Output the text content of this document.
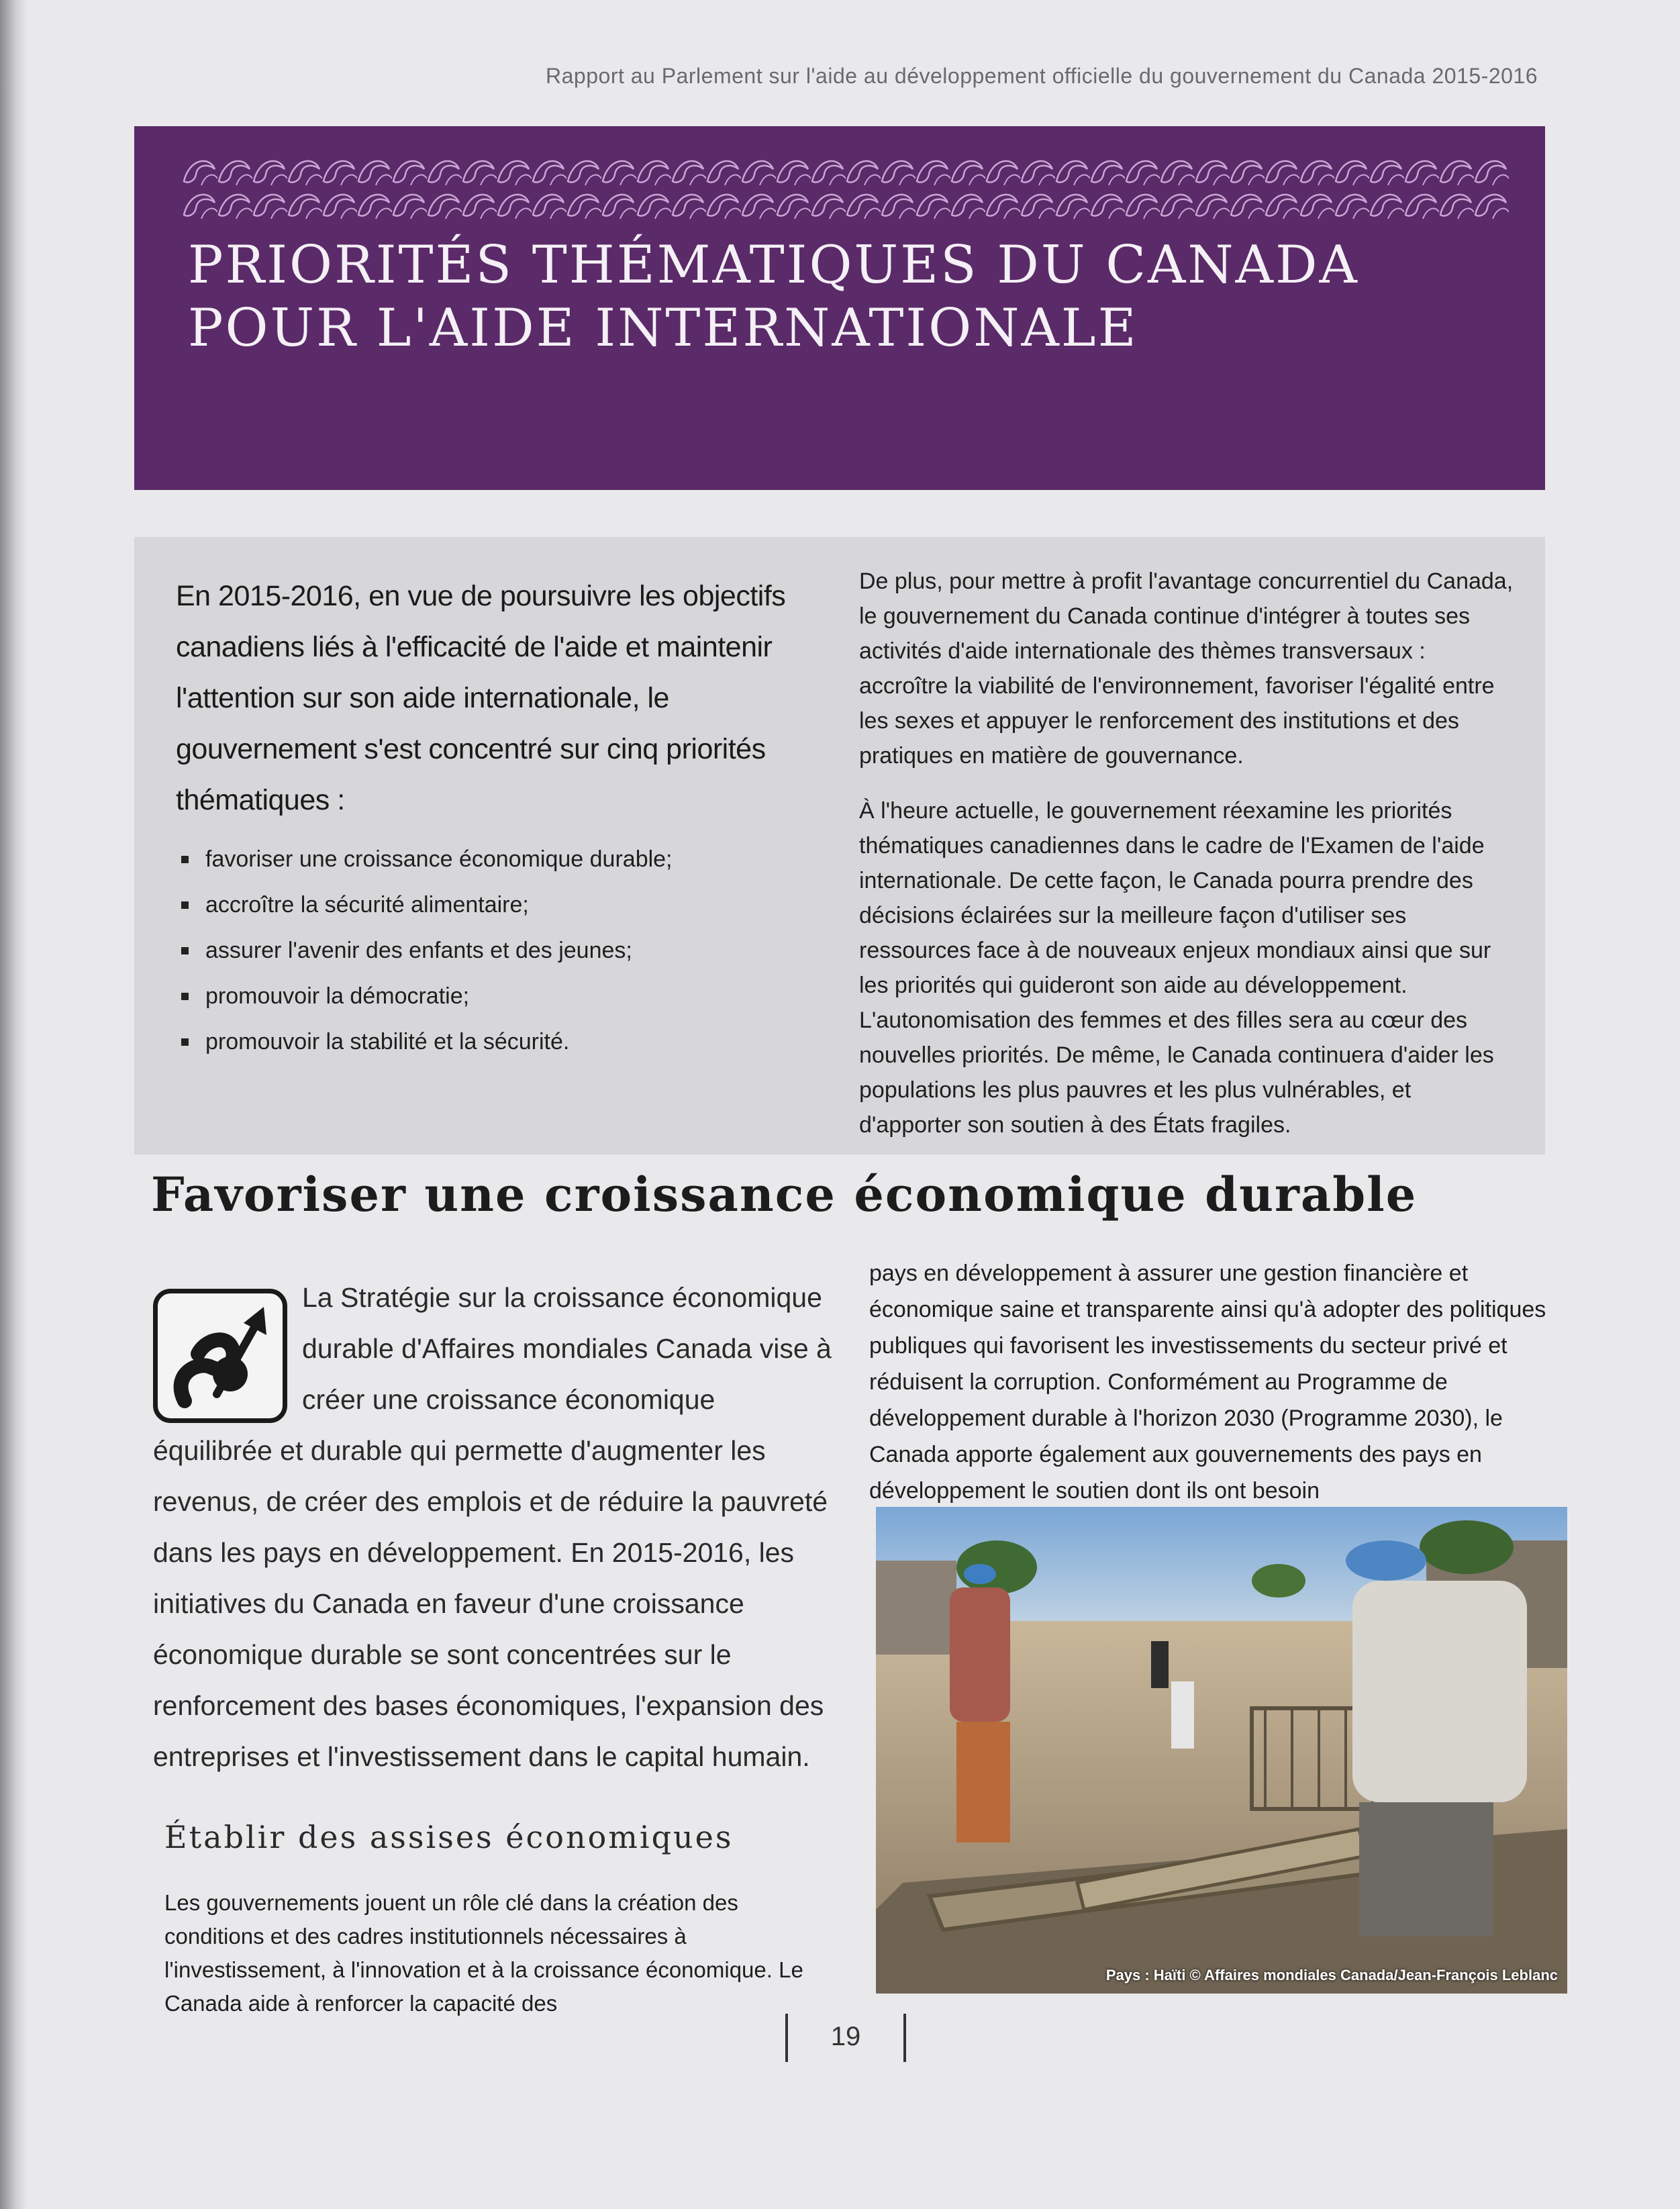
Rapport au Parlement sur l'aide au développement officielle du gouvernement du Canada 2015-2016
PRIORITÉS THÉMATIQUES DU CANADA
POUR L'AIDE INTERNATIONALE

En 2015-2016, en vue de poursuivre les objectifs canadiens liés à l'efficacité de l'aide et maintenir l'attention sur son aide internationale, le gouvernement s'est concentré sur cinq priorités thématiques :

favoriser une croissance économique durable;
accroître la sécurité alimentaire;
assurer l'avenir des enfants et des jeunes;
promouvoir la démocratie;
promouvoir la stabilité et la sécurité.

De plus, pour mettre à profit l'avantage concurrentiel du Canada, le gouvernement du Canada continue d'intégrer à toutes ses activités d'aide internationale des thèmes transversaux : accroître la viabilité de l'environnement, favoriser l'égalité entre les sexes et appuyer le renforcement des institutions et des pratiques en matière de gouvernance.

À l'heure actuelle, le gouvernement réexamine les priorités thématiques canadiennes dans le cadre de l'Examen de l'aide internationale. De cette façon, le Canada pourra prendre des décisions éclairées sur la meilleure façon d'utiliser ses ressources face à de nouveaux enjeux mondiaux ainsi que sur les priorités qui guideront son aide au développement. L'autonomisation des femmes et des filles sera au cœur des nouvelles priorités. De même, le Canada continuera d'aider les populations les plus pauvres et les plus vulnérables, et d'apporter son soutien à des États fragiles.

Favoriser une croissance économique durable
La Stratégie sur la croissance économique durable d'Affaires mondiales Canada vise à créer une croissance économique équilibrée et durable qui permette d'augmenter les revenus, de créer des emplois et de réduire la pauvreté dans les pays en développement. En 2015-2016, les initiatives du Canada en faveur d'une croissance économique durable se sont concentrées sur le renforcement des bases économiques, l'expansion des entreprises et l'investissement dans le capital humain.
Établir des assises économiques

Les gouvernements jouent un rôle clé dans la création des conditions et des cadres institutionnels nécessaires à l'investissement, à l'innovation et à la croissance économique. Le Canada aide à renforcer la capacité des

pays en développement à assurer une gestion financière et économique saine et transparente ainsi qu'à adopter des politiques publiques qui favorisent les investissements du secteur privé et réduisent la corruption. Conformément au Programme de développement durable à l'horizon 2030 (Programme 2030), le Canada apporte également aux gouvernements des pays en développement le soutien dont ils ont besoin

Pays : Haïti © Affaires mondiales Canada/Jean-François Leblanc
19
